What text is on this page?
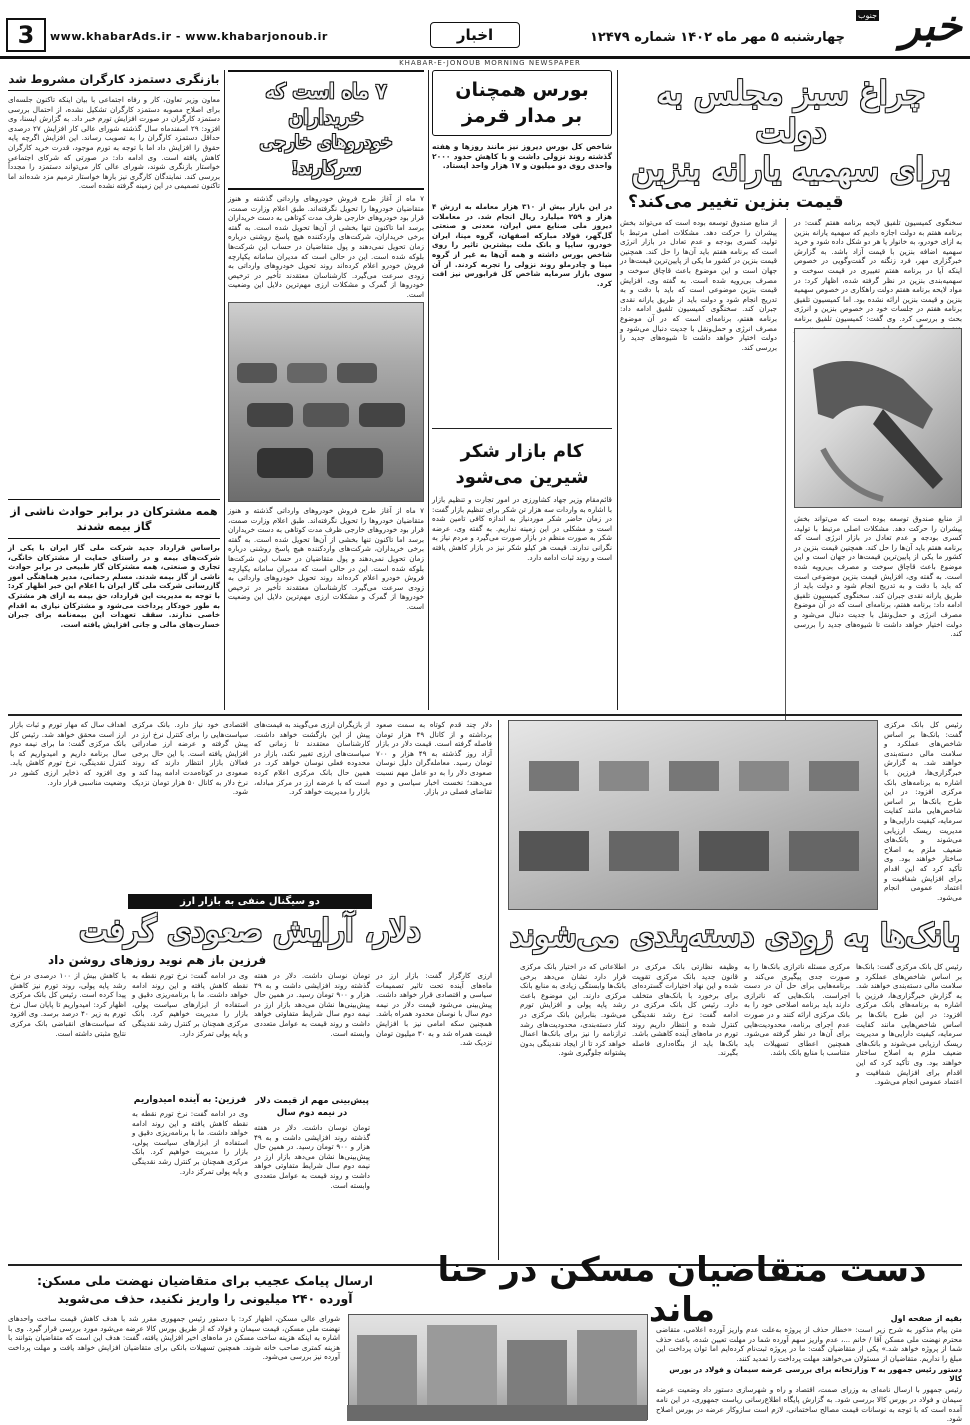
خبر
جنوب
چهارشنبه ۵ مهر ماه ۱۴۰۲ شماره ۱۲۴۷۹
اخبار
www.khabarAds.ir - www.khabarjonoub.ir
3
KHABAR-E-JONOUB MORNING NEWSPAPER
چراغ سبز مجلس به دولت
برای سهمیه یارانه بنزین
قیمت بنزین تغییر می‌کند؟
سخنگوی کمیسیون تلفیق لایحه برنامه هفتم گفت: در برنامه هفتم به دولت اجازه دادیم که سهمیه یارانه بنزین به ازای خودرو، به خانوار یا هر دو شکل داده شود و خرید سهمیه اضافه بنزین با قیمت آزاد باشد. به گزارش خبرگزاری مهر، فرد زنگنه در گفت‌وگویی در خصوص اینکه آیا در برنامه هفتم تغییری در قیمت سوخت و سهمیه‌بندی بنزین در نظر گرفته شده، اظهار کرد: در مواد لایحه برنامه هفتم دولت راهکاری در خصوص سهمیه بنزین و قیمت بنزین ارائه نشده بود. اما کمیسیون تلفیق برنامه هفتم در جلسات خود در خصوص بنزین و انرژی بحث و بررسی کرد. وی گفت: کمیسیون تلفیق برنامه
از منابع صندوق توسعه بوده است که می‌تواند بخش پیشران را حرکت دهد. مشکلات اصلی مرتبط با تولید، کسری بودجه و عدم تعادل در بازار انرژی است که برنامه هفتم باید آن‌ها را حل کند. همچنین قیمت بنزین در کشور ما یکی از پایین‌ترین قیمت‌ها در جهان است و این موضوع باعث قاچاق سوخت و مصرف بی‌رویه شده است. به گفته وی، افزایش قیمت بنزین موضوعی است که باید با دقت و به تدریج انجام شود و دولت باید از طریق یارانه نقدی جبران کند. سخنگوی کمیسیون تلفیق ادامه داد: برنامه هفتم، برنامه‌ای است که در آن موضوع مصرف انرژی و حمل‌ونقل با جدیت دنبال می‌شود و دولت اختیار خواهد داشت تا شیوه‌های جدید را بررسی کند.
از منابع صندوق توسعه بوده است که می‌تواند بخش پیشران را حرکت دهد. مشکلات اصلی مرتبط با تولید، کسری بودجه و عدم تعادل در بازار انرژی است که برنامه هفتم باید آن‌ها را حل کند. همچنین قیمت بنزین در کشور ما یکی از پایین‌ترین قیمت‌ها در جهان است و این موضوع باعث قاچاق سوخت و مصرف بی‌رویه شده است. به گفته وی، افزایش قیمت بنزین موضوعی است که باید با دقت و به تدریج انجام شود و دولت باید از طریق یارانه نقدی جبران کند. سخنگوی کمیسیون تلفیق ادامه داد: برنامه هفتم، برنامه‌ای است که در آن موضوع مصرف انرژی و حمل‌ونقل با جدیت دنبال می‌شود و دولت اختیار خواهد داشت تا شیوه‌های جدید را بررسی کند.
بورس همچنان بر مدار قرمز
شاخص کل بورس دیروز نیز مانند روزها و هفته گذشته روند نزولی داشت و با کاهش حدود ۲۰۰۰ واحدی روی دو میلیون و ۱۷ هزار واحد ایستاد.
در این بازار بیش از ۳۱۰ هزار معامله به ارزش ۴ هزار و ۲۵۹ میلیارد ریال انجام شد. در معاملات دیروز ملی صنایع مس ایران، معدنی و صنعتی گل‌گهر، فولاد مبارکه اصفهان، گروه مپنا، ایران خودرو، سایپا و بانک ملت بیشترین تاثیر را روی شاخص بورس داشته و همه آن‌ها به غیر از گروه مپنا و چادرملو روند نزولی را تجربه کردند. از آن سوی بازار سرمایه شاخص کل فرابورس نیز افت کرد.
کام بازار شکر شیرین می‌شود
قائم‌مقام وزیر جهاد کشاورزی در امور تجارت و تنظیم بازار با اشاره به واردات سه هزار تن شکر برای تنظیم بازار گفت: در زمان حاضر شکر موردنیاز به اندازه کافی تامین شده است و مشکلی در این زمینه نداریم. به گفته وی، عرضه شکر به صورت منظم در بازار صورت می‌گیرد و مردم نیاز به نگرانی ندارند. قیمت هر کیلو شکر نیز در بازار کاهش یافته است و روند ثبات ادامه دارد.
۷ ماه است که خریداران
خودروهای خارجی سرکارند!
۷ ماه از آغاز طرح فروش خودروهای وارداتی گذشته و هنوز متقاضیان خودروها را تحویل نگرفته‌اند. طبق اعلام وزارت صمت، قرار بود خودروهای خارجی ظرف مدت کوتاهی به دست خریداران برسد اما تاکنون تنها بخشی از آن‌ها تحویل شده است. به گفته برخی خریداران، شرکت‌های واردکننده هیچ پاسخ روشنی درباره زمان تحویل نمی‌دهند و پول متقاضیان در حساب این شرکت‌ها بلوکه شده است. این در حالی است که مدیران سامانه یکپارچه فروش خودرو اعلام کرده‌اند روند تحویل خودروهای وارداتی به زودی سرعت می‌گیرد. کارشناسان معتقدند تأخیر در ترخیص خودروها از گمرک و مشکلات ارزی مهم‌ترین دلایل این وضعیت است.
۷ ماه از آغاز طرح فروش خودروهای وارداتی گذشته و هنوز متقاضیان خودروها را تحویل نگرفته‌اند. طبق اعلام وزارت صمت، قرار بود خودروهای خارجی ظرف مدت کوتاهی به دست خریداران برسد اما تاکنون تنها بخشی از آن‌ها تحویل شده است. به گفته برخی خریداران، شرکت‌های واردکننده هیچ پاسخ روشنی درباره زمان تحویل نمی‌دهند و پول متقاضیان در حساب این شرکت‌ها بلوکه شده است. این در حالی است که مدیران سامانه یکپارچه فروش خودرو اعلام کرده‌اند روند تحویل خودروهای وارداتی به زودی سرعت می‌گیرد. کارشناسان معتقدند تأخیر در ترخیص خودروها از گمرک و مشکلات ارزی مهم‌ترین دلایل این وضعیت است.
بازنگری دستمزد کارگران مشروط شد
معاون وزیر تعاون، کار و رفاه اجتماعی با بیان اینکه تاکنون جلسه‌ای برای اصلاح مصوبه دستمزد کارگران تشکیل نشده، از احتمال بررسی دستمزد کارگران در صورت افزایش تورم خبر داد. به گزارش ایسنا، وی افزود: ۲۹ اسفندماه سال گذشته شورای عالی کار افزایش ۲۷ درصدی حداقل دستمزد کارگران را به تصویب رساند. این افزایش اگرچه پایه حقوق را افزایش داد اما با توجه به تورم موجود، قدرت خرید کارگران کاهش یافته است. وی ادامه داد: در صورتی که شرکای اجتماعی خواستار بازنگری شوند، شورای عالی کار می‌تواند دستمزد را مجدداً بررسی کند. نمایندگان کارگری نیز بارها خواستار ترمیم مزد شده‌اند اما تاکنون تصمیمی در این زمینه گرفته نشده است.
همه مشترکان در برابر حوادث ناشی از گاز بیمه شدند
براساس قرارداد جدید شرکت ملی گاز ایران با یکی از شرکت‌های بیمه و در راستای حمایت از مشترکان خانگی، تجاری و صنعتی، همه مشترکان گاز طبیعی در برابر حوادث ناشی از گاز بیمه شدند. مسلم رحمانی، مدیر هماهنگی امور گازرسانی شرکت ملی گاز ایران با اعلام این خبر اظهار کرد: با توجه به مدیریت این قرارداد، حق بیمه به ازای هر مشترک به طور خودکار پرداخت می‌شود و مشترکان نیازی به اقدام خاصی ندارند. سقف تعهدات این بیمه‌نامه برای جبران خسارت‌های مالی و جانی افزایش یافته است.
رئیس کل بانک مرکزی گفت: بانک‌ها بر اساس شاخص‌های عملکرد و سلامت مالی دسته‌بندی خواهند شد. به گزارش خبرگزاری‌ها، فرزین با اشاره به برنامه‌های بانک مرکزی افزود: در این طرح بانک‌ها بر اساس شاخص‌هایی مانند کفایت سرمایه، کیفیت دارایی‌ها و مدیریت ریسک ارزیابی می‌شوند و بانک‌های ضعیف ملزم به اصلاح ساختار خواهند بود. وی تأکید کرد که این اقدام برای افزایش شفافیت و اعتماد عمومی انجام می‌شود.
بانک‌ها به زودی دسته‌بندی می‌شوند
رئیس کل بانک مرکزی گفت: بانک‌ها بر اساس شاخص‌های عملکرد و سلامت مالی دسته‌بندی خواهند شد. به گزارش خبرگزاری‌ها، فرزین با اشاره به برنامه‌های بانک مرکزی افزود: در این طرح بانک‌ها بر اساس شاخص‌هایی مانند کفایت سرمایه، کیفیت دارایی‌ها و مدیریت ریسک ارزیابی می‌شوند و بانک‌های ضعیف ملزم به اصلاح ساختار خواهند بود. وی تأکید کرد که این اقدام برای افزایش شفافیت و اعتماد عمومی انجام می‌شود.
مرکزی مسئله ناترازی بانک‌ها را به صورت جدی پیگیری می‌کند و برنامه‌هایی برای حل آن در دست اجراست. بانک‌هایی که ناترازی دارند باید برنامه اصلاحی خود را به بانک مرکزی ارائه کنند و در صورت عدم اجرای برنامه، محدودیت‌هایی برای آن‌ها در نظر گرفته می‌شود. همچنین اعطای تسهیلات باید متناسب با منابع بانک باشد.
وظیفه نظارتی بانک مرکزی در قانون جدید بانک مرکزی تقویت شده و این نهاد اختیارات گسترده‌ای برای برخورد با بانک‌های متخلف دارد. رئیس کل بانک مرکزی در ادامه گفت: نرخ رشد نقدینگی کنترل شده و انتظار داریم روند تورم در ماه‌های آینده کاهشی باشد. بانک‌ها باید از بنگاه‌داری فاصله بگیرند.
اطلاعاتی که در اختیار بانک مرکزی قرار دارد نشان می‌دهد برخی بانک‌ها وابستگی زیادی به منابع بانک مرکزی دارند. این موضوع باعث رشد پایه پولی و افزایش تورم می‌شود. بنابراین بانک مرکزی در کنار دسته‌بندی، محدودیت‌های رشد ترازنامه را نیز برای بانک‌ها اعمال خواهد کرد تا از ایجاد نقدینگی بدون پشتوانه جلوگیری شود.
دلار چند قدم کوتاه به سمت صعود برداشته و از کانال ۴۹ هزار تومان فاصله گرفته است. قیمت دلار در بازار آزاد روز گذشته به ۴۹ هزار و ۷۰۰ تومان رسید. معامله‌گران دلیل نوسان صعودی دلار را به دو عامل مهم نسبت می‌دهند؛ نخست اخبار سیاسی و دوم تقاضای فصلی در بازار.
از بازیگران ارزی می‌گویند به قیمت‌های پیش از این بازگشت خواهد داشت. کارشناسان معتقدند تا زمانی که سیاست‌های ارزی تغییر نکند، بازار در محدوده فعلی نوسان خواهد کرد. در همین حال بانک مرکزی اعلام کرده است که با عرضه ارز در مرکز مبادله، بازار را مدیریت خواهد کرد.
اقتصادی خود نیاز دارد. بانک مرکزی سیاست‌هایی را برای کنترل نرخ ارز در پیش گرفته و عرضه ارز صادراتی افزایش یافته است. با این حال برخی فعالان بازار انتظار دارند که روند صعودی در کوتاه‌مدت ادامه پیدا کند و نرخ دلار به کانال ۵۰ هزار تومان نزدیک شود.
اهداف سال که مهار تورم و ثبات بازار ارز است محقق خواهد شد. رئیس کل بانک مرکزی گفت: ما برای نیمه دوم سال برنامه داریم و امیدواریم که با کنترل نقدینگی، نرخ تورم کاهش یابد. وی افزود که ذخایر ارزی کشور در وضعیت مناسبی قرار دارد.
دو سیگنال منفی به بازار ارز
دلار، آرایش صعودی گرفت
فرزین باز هم نوید روزهای روشن داد
ارزی کارگزار گفت: بازار ارز در ماه‌های آینده تحت تاثیر تصمیمات سیاسی و اقتصادی قرار خواهد داشت. پیش‌بینی می‌شود قیمت دلار در نیمه دوم سال با نوسان محدود همراه باشد. همچنین سکه امامی نیز با افزایش قیمت همراه شد و به ۳۰ میلیون تومان نزدیک شد.
تومان نوسان داشت. دلار در هفته گذشته روند افزایشی داشت و به ۴۹ هزار و ۹۰۰ تومان رسید. در همین حال پیش‌بینی‌ها نشان می‌دهد بازار ارز در نیمه دوم سال شرایط متفاوتی خواهد داشت و روند قیمت به عوامل متعددی وابسته است.
پیش‌بینی مهم از قیمت دلار در نیمه دوم سال
تومان نوسان داشت. دلار در هفته گذشته روند افزایشی داشت و به ۴۹ هزار و ۹۰۰ تومان رسید. در همین حال پیش‌بینی‌ها نشان می‌دهد بازار ارز در نیمه دوم سال شرایط متفاوتی خواهد داشت و روند قیمت به عوامل متعددی وابسته است.
وی در ادامه گفت: نرخ تورم نقطه به نقطه کاهش یافته و این روند ادامه خواهد داشت. ما با برنامه‌ریزی دقیق و استفاده از ابزارهای سیاست پولی، بازار را مدیریت خواهیم کرد. بانک مرکزی همچنان بر کنترل رشد نقدینگی و پایه پولی تمرکز دارد.
فرزین: به آینده امیدواریم
وی در ادامه گفت: نرخ تورم نقطه به نقطه کاهش یافته و این روند ادامه خواهد داشت. ما با برنامه‌ریزی دقیق و استفاده از ابزارهای سیاست پولی، بازار را مدیریت خواهیم کرد. بانک مرکزی همچنان بر کنترل رشد نقدینگی و پایه پولی تمرکز دارد.
با کاهش بیش از ۱۰۰ درصدی در نرخ رشد پایه پولی، روند تورم نیز کاهش پیدا کرده است. رئیس کل بانک مرکزی اظهار کرد: امیدواریم تا پایان سال نرخ تورم به زیر ۴۰ درصد برسد. وی افزود که سیاست‌های انقباضی بانک مرکزی نتایج مثبتی داشته است.
دست متقاضیان مسکن در حنا ماند
ارسال پیامک عجیب برای متقاضیان نهضت ملی مسکن:
آورده ۲۴۰ میلیونی را واریز نکنید، حذف می‌شوید
بقیه از صفحه اول
متن پیام مذکور به شرح زیر است: «خطار حذف از پروژه به‌علت عدم واریز آورده اعلامی، متقاضی محترم نهضت ملی مسکن آقا / خانم ...، عدم واریز سهم آورده شما در مهلت تعیین شده، باعث حذف شما از پروژه خواهد شد.» یکی از متقاضیان گفت: ما در پروژه ثبت‌نام کرده‌ایم اما توان پرداخت این مبلغ را نداریم. متقاضیان از مسئولان می‌خواهند مهلت پرداخت را تمدید کنند.
دستور رئیس جمهور به ۳ وزارتخانه برای بررسی عرضه سیمان و فولاد در بورس کالا
رئیس جمهور با ارسال نامه‌ای به وزرای صمت، اقتصاد و راه و شهرسازی دستور داد وضعیت عرضه سیمان و فولاد در بورس کالا بررسی شود. به گزارش پایگاه اطلاع‌رسانی ریاست جمهوری، در این نامه آمده است که با توجه به نوسانات قیمت مصالح ساختمانی، لازم است سازوکار عرضه در بورس اصلاح شود.
شورای عالی مسکن، اظهار کرد: با دستور رئیس جمهوری مقرر شد با هدف کاهش قیمت ساخت واحدهای نهضت ملی مسکن، قیمت سیمان و فولاد که از طریق بورس کالا عرضه می‌شود مورد بررسی قرار گیرد. وی با اشاره به اینکه هزینه ساخت مسکن در ماه‌های اخیر افزایش یافته، گفت: هدف این است که متقاضیان بتوانند با هزینه کمتری صاحب خانه شوند. همچنین تسهیلات بانکی برای متقاضیان افزایش خواهد یافت و مهلت پرداخت آورده نیز بررسی می‌شود.
